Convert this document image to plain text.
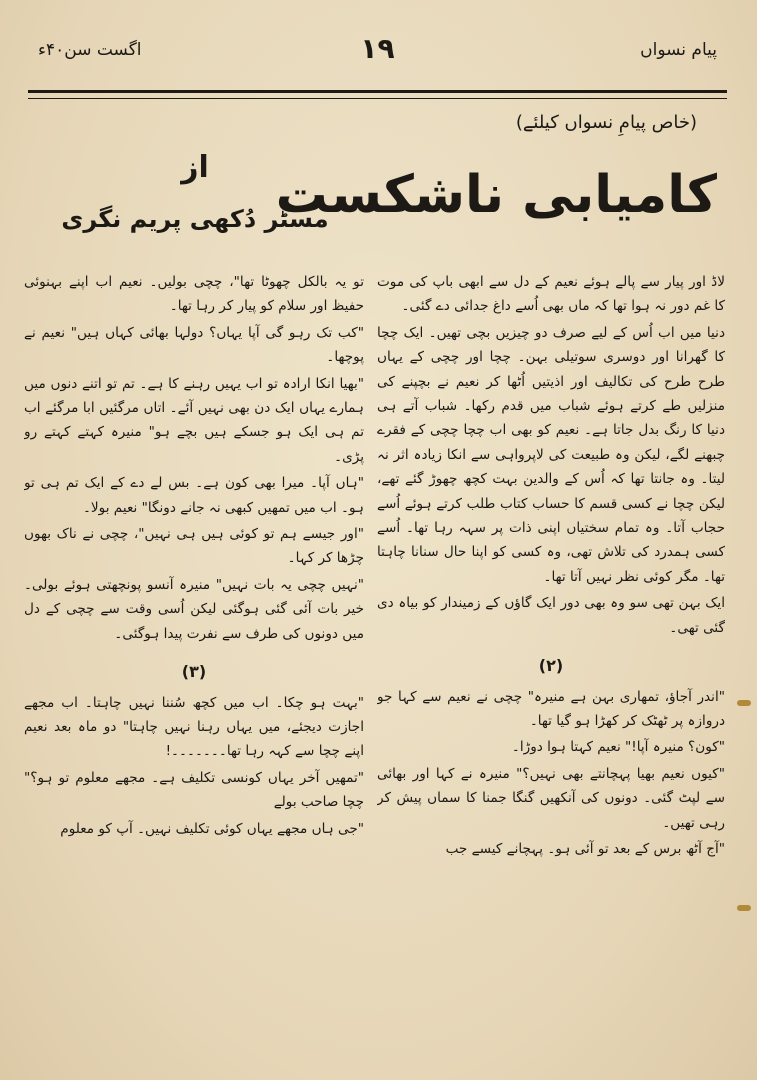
پیام نسواں
۱۹
اگست سن۴۰ء
(خاص پیامِ نسواں کیلئے)
کامیابی ناشکست
از
مسٹر دُکھی پریم نگری

لاڈ اور پیار سے پالے ہوئے نعیم کے دل سے ابھی باپ کی موت کا غم دور نہ ہوا تھا کہ ماں بھی اُسے داغ جدائی دے گئی۔

دنیا میں اب اُس کے لیے صرف دو چیزیں بچی تھیں۔ ایک چچا کا گھرانا اور دوسری سوتیلی بہن۔ چچا اور چچی کے یہاں طرح طرح کی تکالیف اور اذیتیں اُٹھا کر نعیم نے بچپنے کی منزلیں طے کرتے ہوئے شباب میں قدم رکھا۔ شباب آتے ہی دنیا کا رنگ بدل جاتا ہے۔ نعیم کو بھی اب چچا چچی کے فقرے چبھنے لگے، لیکن وہ طبیعت کی لاپرواہی سے انکا زیادہ اثر نہ لیتا۔ وہ جانتا تھا کہ اُس کے والدین بہت کچھ چھوڑ گئے تھے، لیکن چچا نے کسی قسم کا حساب کتاب طلب کرتے ہوئے اُسے حجاب آتا۔ وہ تمام سختیاں اپنی ذات پر سہہ رہا تھا۔ اُسے کسی ہمدرد کی تلاش تھی، وہ کسی کو اپنا حال سنانا چاہتا تھا۔ مگر کوئی نظر نہیں آتا تھا۔

ایک بہن تھی سو وہ بھی دور ایک گاؤں کے زمیندار کو بیاہ دی گئی تھی۔

(۲)

"اندر آجاؤ، تمھاری بہن ہے منیرہ" چچی نے نعیم سے کہا جو دروازہ پر ٹھٹک کر کھڑا ہو گیا تھا۔

"کون؟ منیرہ آپا!" نعیم کہتا ہوا دوڑا۔

"کیوں نعیم بھیا پہچانتے بھی نہیں؟" منیرہ نے کہا اور بھائی سے لپٹ گئی۔ دونوں کی آنکھیں گنگا جمنا کا سماں پیش کر رہی تھیں۔

"آج آٹھ برس کے بعد تو آئی ہو۔ پہچانے کیسے جب

تو یہ بالکل چھوٹا تھا"، چچی بولیں۔ نعیم اب اپنے بہنوئی حفیظ اور سلام کو پیار کر رہا تھا۔

"کب تک رہو گی آپا یہاں؟ دولہا بھائی کہاں ہیں" نعیم نے پوچھا۔

"بھیا انکا ارادہ تو اب یہیں رہنے کا ہے۔ تم تو اتنے دنوں میں ہمارے یہاں ایک دن بھی نہیں آئے۔ اتاں مرگئیں ابا مرگئے اب تم ہی ایک ہو جسکے ہیں بچے ہو" منیرہ کہتے کہتے رو پڑی۔

"ہاں آپا۔ میرا بھی کون ہے۔ بس لے دے کے ایک تم ہی تو ہو۔ اب میں تمھیں کبھی نہ جانے دونگا" نعیم بولا۔

"اور جیسے ہم تو کوئی ہیں ہی نہیں"، چچی نے ناک بھوں چڑھا کر کہا۔

"نہیں چچی یہ بات نہیں" منیرہ آنسو پونچھتی ہوئے بولی۔ خیر بات آئی گئی ہوگئی لیکن اُسی وقت سے چچی کے دل میں دونوں کی طرف سے نفرت پیدا ہوگئی۔

(۳)

"بہت ہو چکا۔ اب میں کچھ سُننا نہیں چاہتا۔ اب مجھے اجازت دیجئے، میں یہاں رہنا نہیں چاہتا" دو ماہ بعد نعیم اپنے چچا سے کہہ رہا تھا۔۔۔۔۔۔۔!

"تمھیں آخر یہاں کونسی تکلیف ہے۔ مجھے معلوم تو ہو؟" چچا صاحب بولے

"جی ہاں مجھے یہاں کوئی تکلیف نہیں۔ آپ کو معلوم
